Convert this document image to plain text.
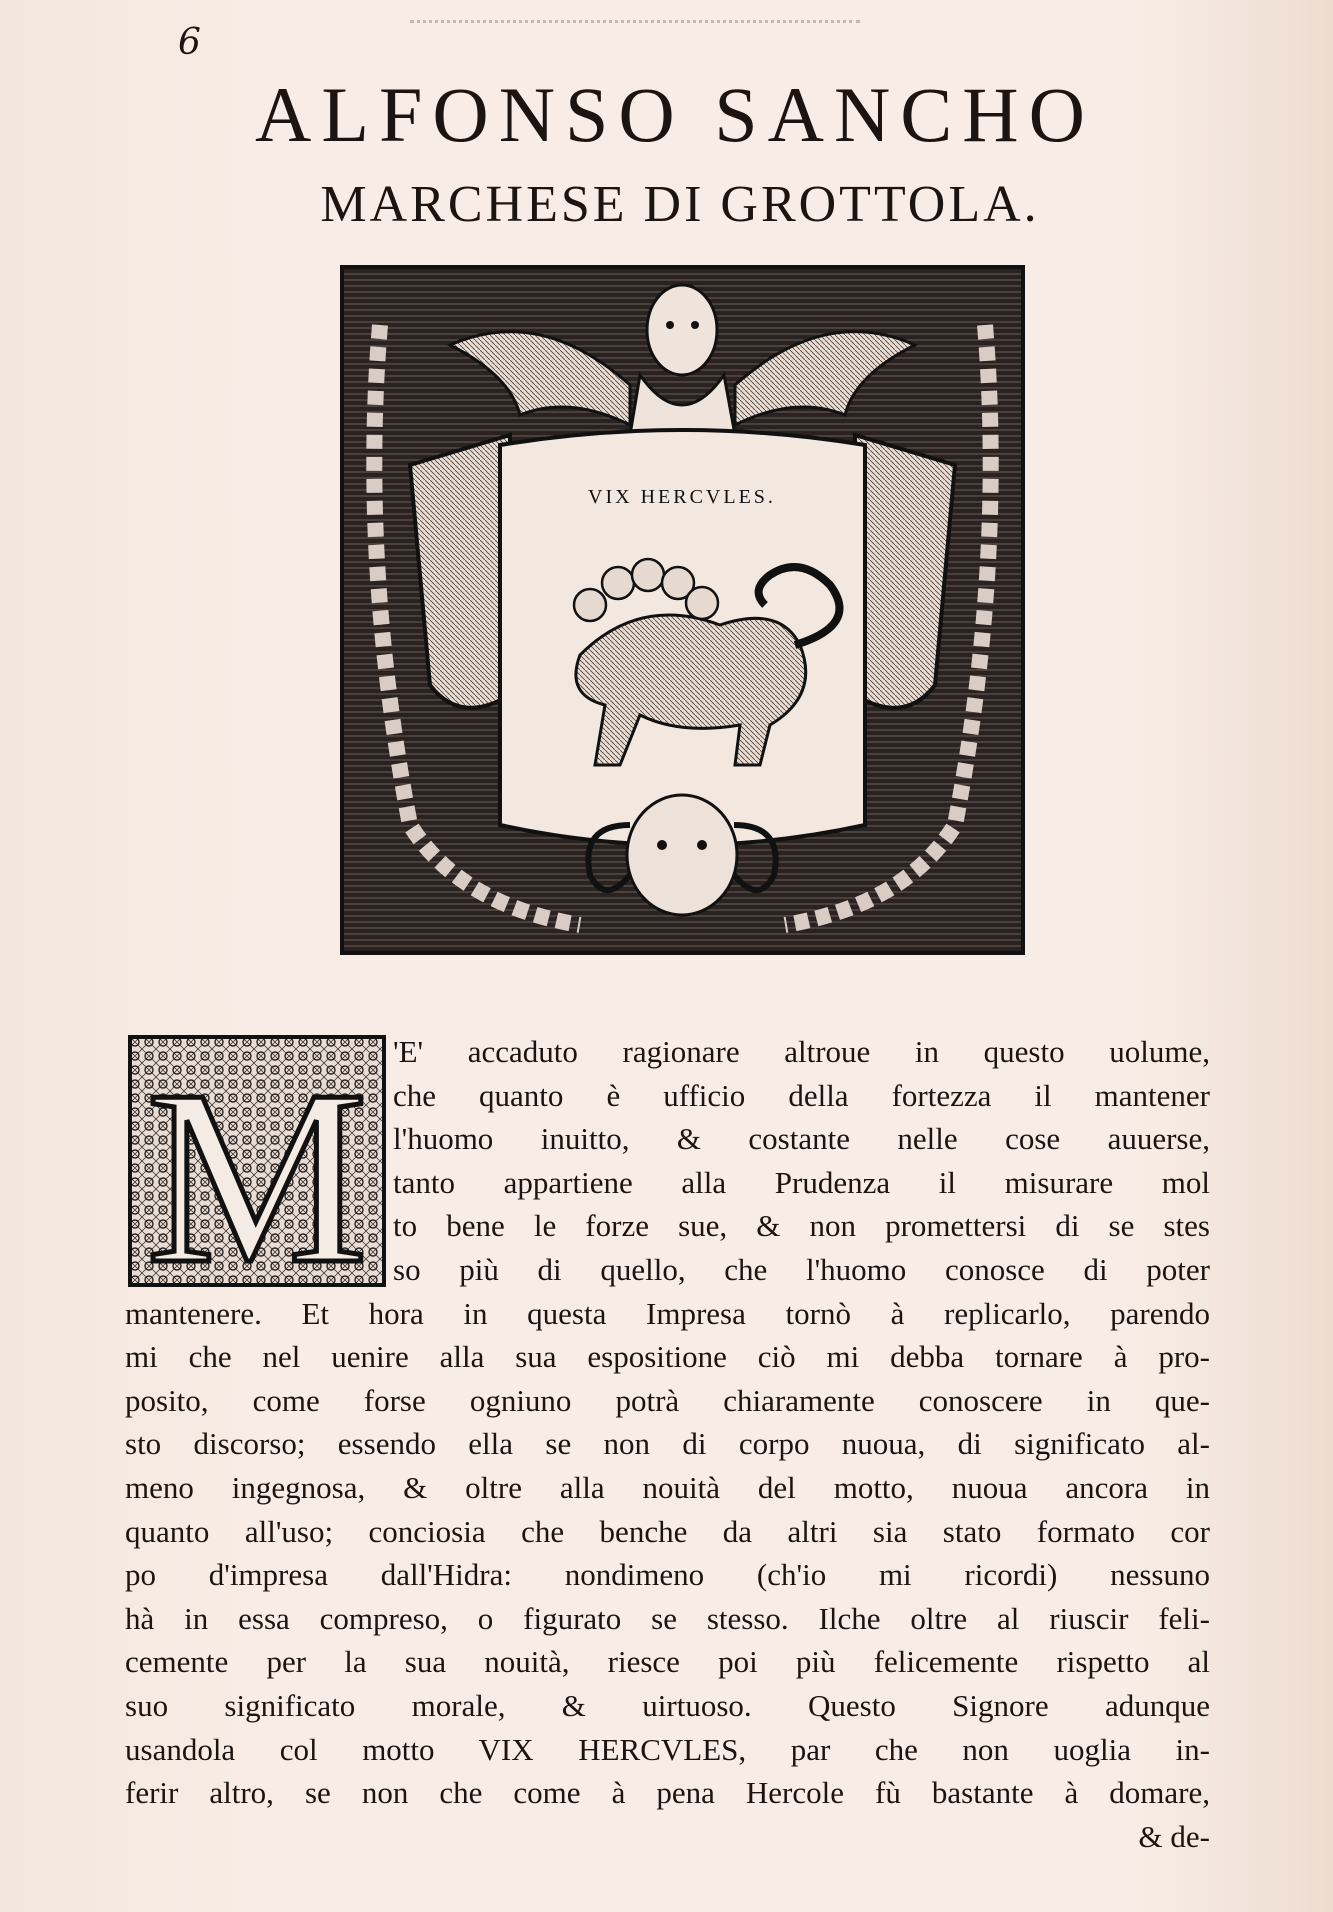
6
ALFONSO SANCHO
MARCHESE DI GROTTOLA.
VIX HERCVLES.
M 'E' accaduto ragionare altroue in questo uolume,
che quanto è ufficio della fortezza il mantener
l'huomo inuitto, & costante nelle cose auuerse,
tanto appartiene alla Prudenza il misurare mol
to bene le forze sue, & non promettersi di se stes
so più di quello, che l'huomo conosce di poter
mantenere. Et hora in questa Impresa tornò à replicarlo, parendo
mi che nel uenire alla sua espositione ciò mi debba tornare à pro-
posito, come forse ogniuno potrà chiaramente conoscere in que-
sto discorso; essendo ella se non di corpo nuoua, di significato al-
meno ingegnosa, & oltre alla nouità del motto, nuoua ancora in
quanto all'uso; conciosia che benche da altri sia stato formato cor
po d'impresa dall'Hidra: nondimeno (ch'io mi ricordi) nessuno
hà in essa compreso, o figurato se stesso. Ilche oltre al riuscir feli-
cemente per la sua nouità, riesce poi più felicemente rispetto al
suo significato morale, & uirtuoso. Questo Signore adunque
usandola col motto VIX HERCVLES, par che non uoglia in-
ferir altro, se non che come à pena Hercole fù bastante à domare,
& de-
